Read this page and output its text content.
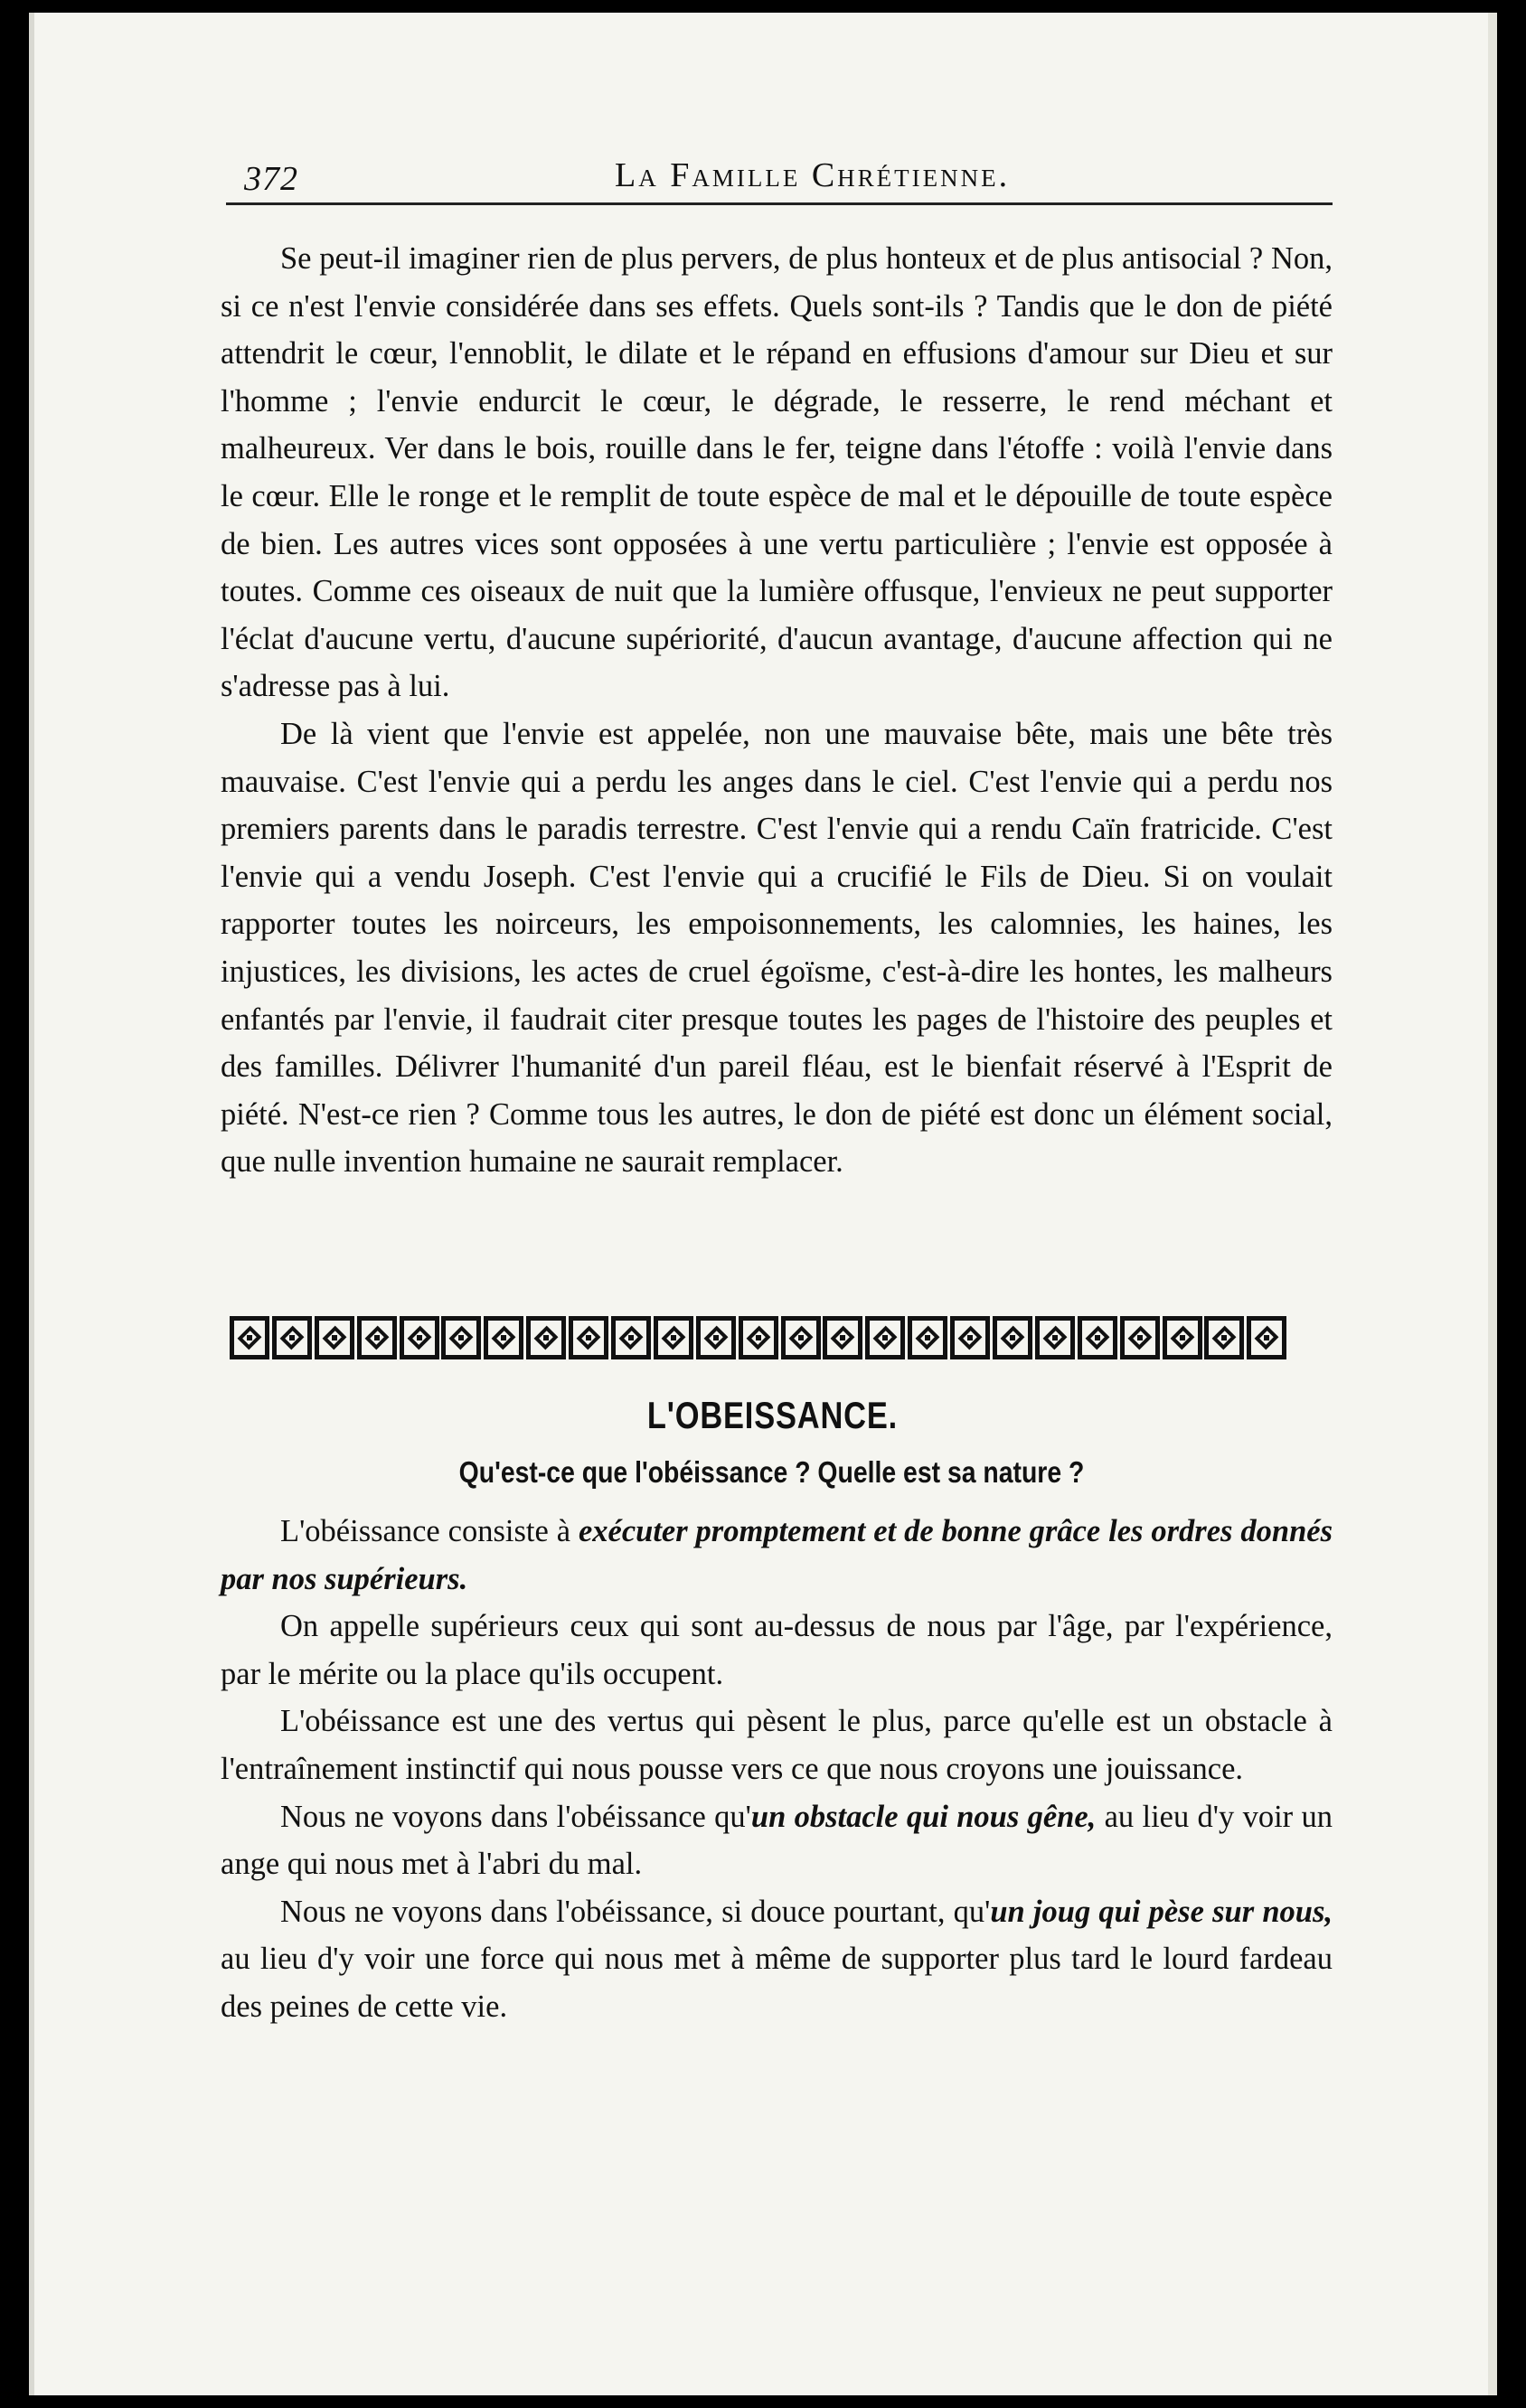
372	La Famille Chrétienne.

Se peut-il imaginer rien de plus pervers, de plus honteux et de plus antisocial ? Non, si ce n'est l'envie considérée dans ses effets. Quels sont-ils ? Tandis que le don de piété attendrit le cœur, l'ennoblit, le dilate et le répand en effusions d'amour sur Dieu et sur l'homme ; l'envie endurcit le cœur, le dégrade, le resserre, le rend méchant et malheureux. Ver dans le bois, rouille dans le fer, teigne dans l'étoffe : voilà l'envie dans le cœur. Elle le ronge et le remplit de toute espèce de mal et le dépouille de toute espèce de bien. Les autres vices sont opposées à une vertu particulière ; l'envie est opposée à toutes. Comme ces oiseaux de nuit que la lumière offusque, l'envieux ne peut supporter l'éclat d'aucune vertu, d'aucune supériorité, d'aucun avantage, d'aucune affection qui ne s'adresse pas à lui.

De là vient que l'envie est appelée, non une mauvaise bête, mais une bête très mauvaise. C'est l'envie qui a perdu les anges dans le ciel. C'est l'envie qui a perdu nos premiers parents dans le paradis terrestre. C'est l'envie qui a rendu Caïn fratricide. C'est l'envie qui a vendu Joseph. C'est l'envie qui a crucifié le Fils de Dieu. Si on voulait rapporter toutes les noirceurs, les empoisonnements, les calomnies, les haines, les injustices, les divisions, les actes de cruel égoïsme, c'est-à-dire les hontes, les malheurs enfantés par l'envie, il faudrait citer presque toutes les pages de l'histoire des peuples et des familles. Délivrer l'humanité d'un pareil fléau, est le bienfait réservé à l'Esprit de piété. N'est-ce rien ? Comme tous les autres, le don de piété est donc un élément social, que nulle invention humaine ne saurait remplacer.

L'OBEISSANCE.
Qu'est-ce que l'obéissance ? Quelle est sa nature ?

L'obéissance consiste à exécuter promptement et de bonne grâce les ordres donnés par nos supérieurs.

On appelle supérieurs ceux qui sont au-dessus de nous par l'âge, par l'expérience, par le mérite ou la place qu'ils occupent.

L'obéissance est une des vertus qui pèsent le plus, parce qu'elle est un obstacle à l'entraînement instinctif qui nous pousse vers ce que nous croyons une jouissance.

Nous ne voyons dans l'obéissance qu'un obstacle qui nous gêne, au lieu d'y voir un ange qui nous met à l'abri du mal.

Nous ne voyons dans l'obéissance, si douce pourtant, qu'un joug qui pèse sur nous, au lieu d'y voir une force qui nous met à même de supporter plus tard le lourd fardeau des peines de cette vie.
